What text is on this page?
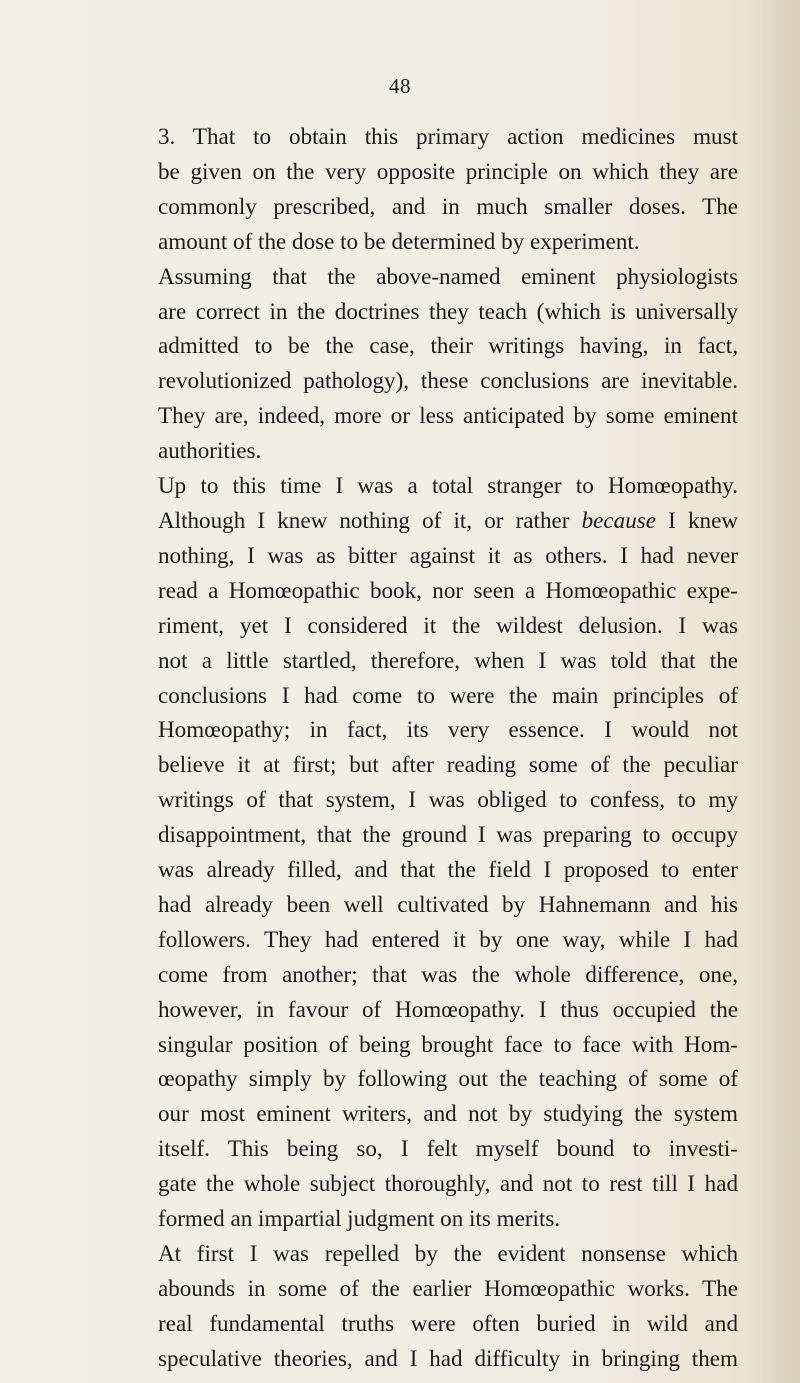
48

3. That to obtain this primary action medicines must
be given on the very opposite principle on which they are
commonly prescribed, and in much smaller doses. The
amount of the dose to be determined by experiment.

Assuming that the above-named eminent physiologists
are correct in the doctrines they teach (which is universally
admitted to be the case, their writings having, in fact,
revolutionized pathology), these conclusions are inevitable.
They are, indeed, more or less anticipated by some eminent
authorities.

Up to this time I was a total stranger to Homœopathy.
Although I knew nothing of it, or rather because I knew
nothing, I was as bitter against it as others. I had never
read a Homœopathic book, nor seen a Homœopathic expe-
riment, yet I considered it the wildest delusion. I was
not a little startled, therefore, when I was told that the
conclusions I had come to were the main principles of
Homœopathy; in fact, its very essence. I would not
believe it at first; but after reading some of the peculiar
writings of that system, I was obliged to confess, to my
disappointment, that the ground I was preparing to occupy
was already filled, and that the field I proposed to enter
had already been well cultivated by Hahnemann and his
followers. They had entered it by one way, while I had
come from another; that was the whole difference, one,
however, in favour of Homœopathy. I thus occupied the
singular position of being brought face to face with Hom-
œopathy simply by following out the teaching of some of
our most eminent writers, and not by studying the system
itself. This being so, I felt myself bound to investi-
gate the whole subject thoroughly, and not to rest till I had
formed an impartial judgment on its merits.

At first I was repelled by the evident nonsense which
abounds in some of the earlier Homœopathic works. The
real fundamental truths were often buried in wild and
speculative theories, and I had difficulty in bringing them
